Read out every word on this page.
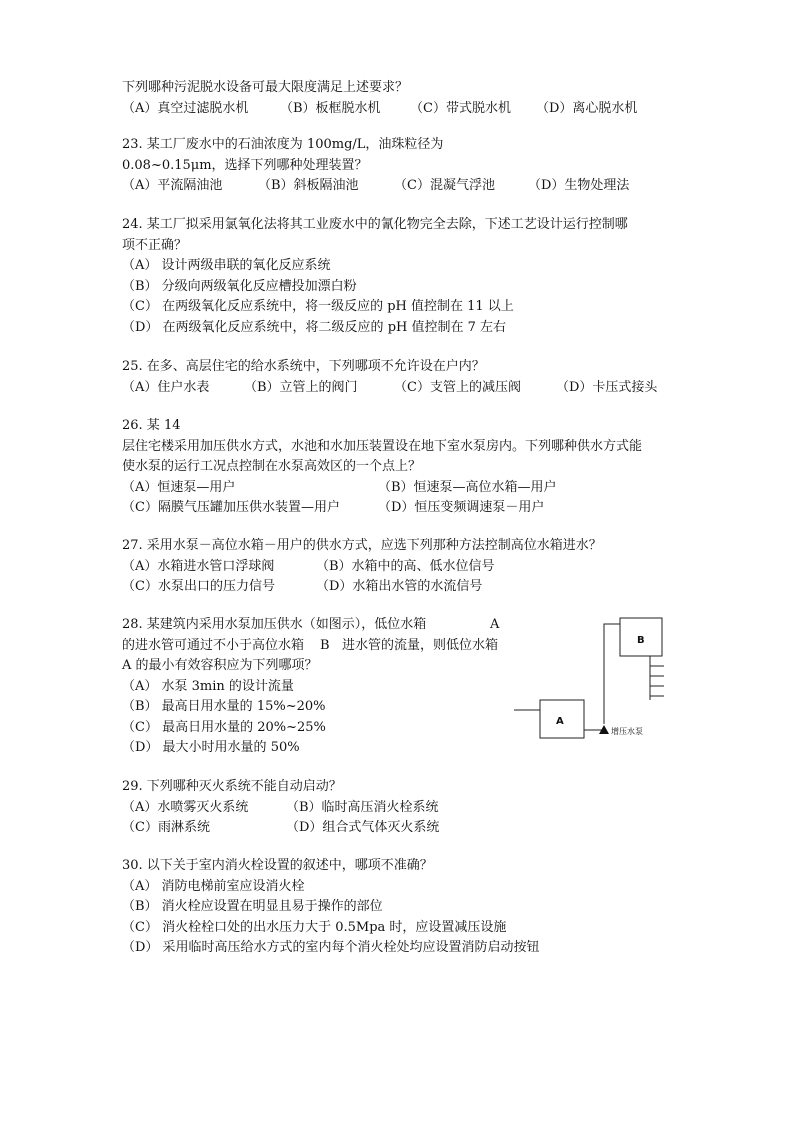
下列哪种污泥脱水设备可最大限度满足上述要求？
（A）真空过滤脱水机 （B）板框脱水机 （C）带式脱水机 （D）离心脱水机
23. 某工厂废水中的石油浓度为 100mg/L，油珠粒径为
0.08~0.15μm，选择下列哪种处理装置？
（A）平流隔油池	（B）斜板隔油池	（C）混凝气浮池	（D）生物处理法
24. 某工厂拟采用氯氧化法将其工业废水中的氰化物完全去除，下述工艺设计运行控制哪
项不正确？
（A） 设计两级串联的氧化反应系统
（B） 分级向两级氧化反应槽投加漂白粉
（C） 在两级氧化反应系统中，将一级反应的 pH 值控制在 11 以上
（D） 在两级氧化反应系统中，将二级反应的 pH 值控制在 7 左右
25. 在多、高层住宅的给水系统中，下列哪项不允许设在户内？
（A）住户水表	（B）立管上的阀门	（C）支管上的减压阀	（D）卡压式接头
26. 某 14
层住宅楼采用加压供水方式，水池和水加压装置设在地下室水泵房内。下列哪种供水方式能
使水泵的运行工况点控制在水泵高效区的一个点上？
（A）恒速泵—用户	（B）恒速泵—高位水箱—用户
（C）隔膜气压罐加压供水装置—用户	（D）恒压变频调速泵－用户
27. 采用水泵－高位水箱－用户的供水方式，应选下列那种方法控制高位水箱进水？
（A）水箱进水管口浮球阀	（B）水箱中的高、低水位信号
（C）水泵出口的压力信号	（D）水箱出水管的水流信号
28. 某建筑内采用水泵加压供水（如图示），低位水箱	A
的进水管可通过不小于高位水箱 B 进水管的流量，则低位水箱
A 的最小有效容积应为下列哪项？
（A） 水泵 3min 的设计流量
（B） 最高日用水量的 15%~20%
（C） 最高日用水量的 20%~25%
（D） 最大小时用水量的 50%
B
A
增压水泵
29. 下列哪种灭火系统不能自动启动？
（A）水喷雾灭火系统	（B）临时高压消火栓系统
（C）雨淋系统	（D）组合式气体灭火系统
30. 以下关于室内消火栓设置的叙述中，哪项不准确？
（A） 消防电梯前室应设消火栓
（B） 消火栓应设置在明显且易于操作的部位
（C） 消火栓栓口处的出水压力大于 0.5Mpa 时，应设置减压设施
（D） 采用临时高压给水方式的室内每个消火栓处均应设置消防启动按钮
